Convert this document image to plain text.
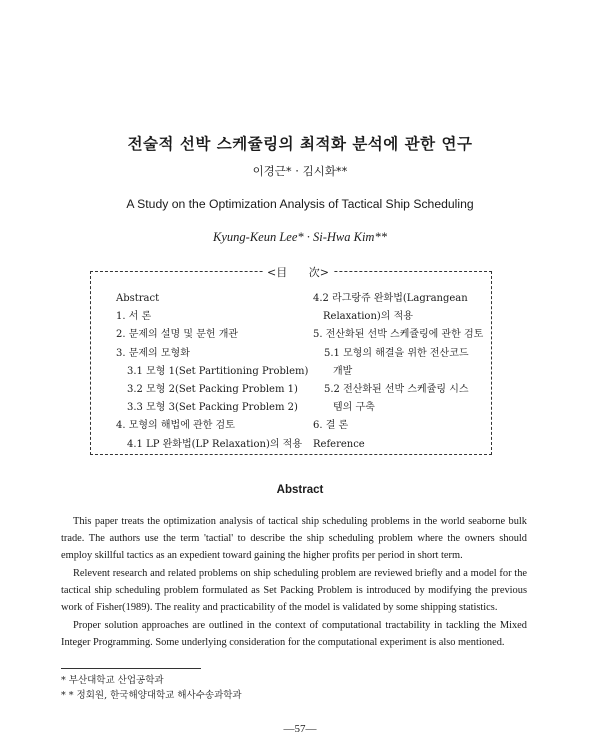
전술적 선박 스케쥴링의 최적화 분석에 관한 연구
이경근* · 김시화**
A Study on the Optimization Analysis of Tactical Ship Scheduling
Kyung-Keun Lee* · Si-Hwa Kim**
<目 次>
Abstract
1. 서 론
2. 문제의 설명 및 문헌 개관
3. 문제의 모형화
3.1 모형 1(Set Partitioning Problem)
3.2 모형 2(Set Packing Problem 1)
3.3 모형 3(Set Packing Problem 2)
4. 모형의 해법에 관한 검토
4.1 LP 완화법(LP Relaxation)의 적용
4.2 라그랑쥬 완화법(Lagrangean
Relaxation)의 적용
5. 전산화된 선박 스케쥴링에 관한 검토
5.1 모형의 해결을 위한 전산코드
개발
5.2 전산화된 선박 스케쥴링 시스
템의 구축
6. 결 론
Reference
Abstract

This paper treats the optimization analysis of tactical ship scheduling problems in the world seaborne bulk trade. The authors use the term 'tactial' to describe the ship scheduling problem where the owners should employ skillful tactics as an expedient toward gaining the higher profits per period in short term.

Relevent research and related problems on ship scheduling problem are reviewed briefly and a model for the tactical ship scheduling problem formulated as Set Packing Problem is introduced by modifying the previous work of Fisher(1989). The reality and practicability of the model is validated by some shipping statistics.

Proper solution approaches are outlined in the context of computational tractability in tackling the Mixed Integer Programming. Some underlying consideration for the computational experiment is also mentioned.

* 부산대학교 산업공학과
* * 정회원, 한국해양대학교 해사수송과학과
—57—
